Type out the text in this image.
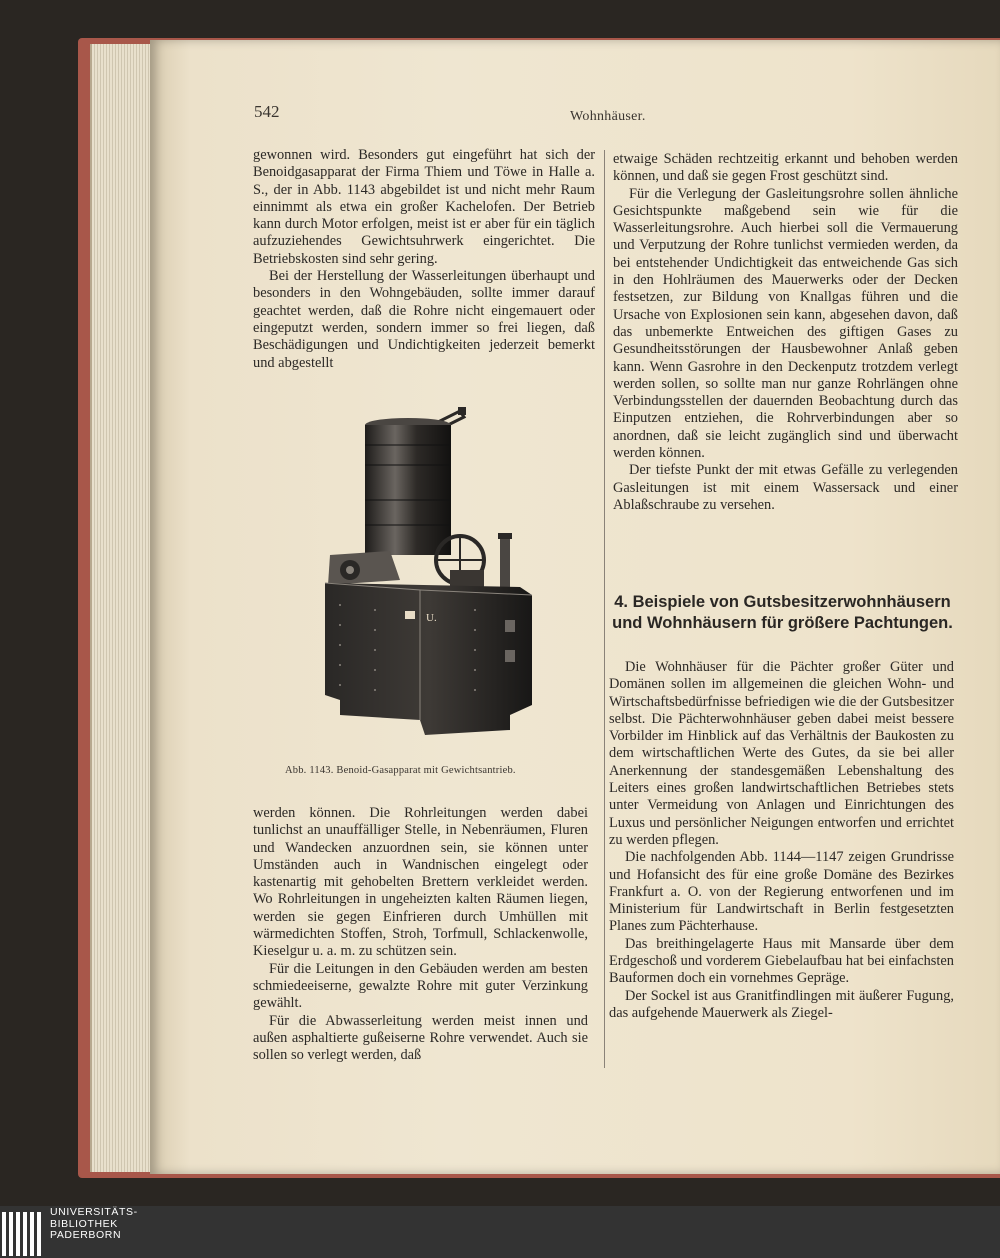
542	Wohnhäuser.

gewonnen wird. Besonders gut eingeführt hat sich der Benoidgasapparat der Firma Thiem und Töwe in Halle a. S., der in Abb. 1143 abgebildet ist und nicht mehr Raum einnimmt als etwa ein großer Kachelofen. Der Betrieb kann durch Motor erfolgen, meist ist er aber für ein täglich aufzuziehendes Gewichtsuhrwerk eingerichtet. Die Betriebskosten sind sehr gering.

Bei der Herstellung der Wasserleitungen überhaupt und besonders in den Wohngebäuden, sollte immer darauf geachtet werden, daß die Rohre nicht eingemauert oder eingeputzt werden, sondern immer so frei liegen, daß Beschädigungen und Undichtigkeiten jederzeit bemerkt und abgestellt

U.
Abb. 1143. Benoid-Gasapparat mit Gewichtsantrieb.

werden können. Die Rohrleitungen werden dabei tunlichst an unauffälliger Stelle, in Nebenräumen, Fluren und Wandecken anzuordnen sein, sie können unter Umständen auch in Wandnischen eingelegt oder kastenartig mit gehobelten Brettern verkleidet werden. Wo Rohrleitungen in ungeheizten kalten Räumen liegen, werden sie gegen Einfrieren durch Umhüllen mit wärmedichten Stoffen, Stroh, Torfmull, Schlackenwolle, Kieselgur u. a. m. zu schützen sein.

Für die Leitungen in den Gebäuden werden am besten schmiedeeiserne, gewalzte Rohre mit guter Verzinkung gewählt.

Für die Abwasserleitung werden meist innen und außen asphaltierte gußeiserne Rohre verwendet. Auch sie sollen so verlegt werden, daß

etwaige Schäden rechtzeitig erkannt und behoben werden können, und daß sie gegen Frost geschützt sind.

Für die Verlegung der Gasleitungsrohre sollen ähnliche Gesichtspunkte maßgebend sein wie für die Wasserleitungsrohre. Auch hierbei soll die Vermauerung und Verputzung der Rohre tunlichst vermieden werden, da bei entstehender Undichtigkeit das entweichende Gas sich in den Hohlräumen des Mauerwerks oder der Decken festsetzen, zur Bildung von Knallgas führen und die Ursache von Explosionen sein kann, abgesehen davon, daß das unbemerkte Entweichen des giftigen Gases zu Gesundheitsstörungen der Hausbewohner Anlaß geben kann. Wenn Gasrohre in den Deckenputz trotzdem verlegt werden sollen, so sollte man nur ganze Rohrlängen ohne Verbindungsstellen der dauernden Beobachtung durch das Einputzen entziehen, die Rohrverbindungen aber so anordnen, daß sie leicht zugänglich sind und überwacht werden können.

Der tiefste Punkt der mit etwas Gefälle zu verlegenden Gasleitungen ist mit einem Wassersack und einer Ablaßschraube zu versehen.

4. Beispiele von Gutsbesitzerwohnhäusern und Wohnhäusern für größere Pachtungen.

Die Wohnhäuser für die Pächter großer Güter und Domänen sollen im allgemeinen die gleichen Wohn- und Wirtschaftsbedürfnisse befriedigen wie die der Gutsbesitzer selbst. Die Pächterwohnhäuser geben dabei meist bessere Vorbilder im Hinblick auf das Verhältnis der Baukosten zu dem wirtschaftlichen Werte des Gutes, da sie bei aller Anerkennung der standesgemäßen Lebenshaltung des Leiters eines großen landwirtschaftlichen Betriebes stets unter Vermeidung von Anlagen und Einrichtungen des Luxus und persönlicher Neigungen entworfen und errichtet zu werden pflegen.

Die nachfolgenden Abb. 1144—1147 zeigen Grundrisse und Hofansicht des für eine große Domäne des Bezirkes Frankfurt a. O. von der Regierung entworfenen und im Ministerium für Landwirtschaft in Berlin festgesetzten Planes zum Pächterhause.

Das breithingelagerte Haus mit Mansarde über dem Erdgeschoß und vorderem Giebelaufbau hat bei einfachsten Bauformen doch ein vornehmes Gepräge.

Der Sockel ist aus Granitfindlingen mit äußerer Fugung, das aufgehende Mauerwerk als Ziegel-

UNIVERSITÄTS-
BIBLIOTHEK
PADERBORN
